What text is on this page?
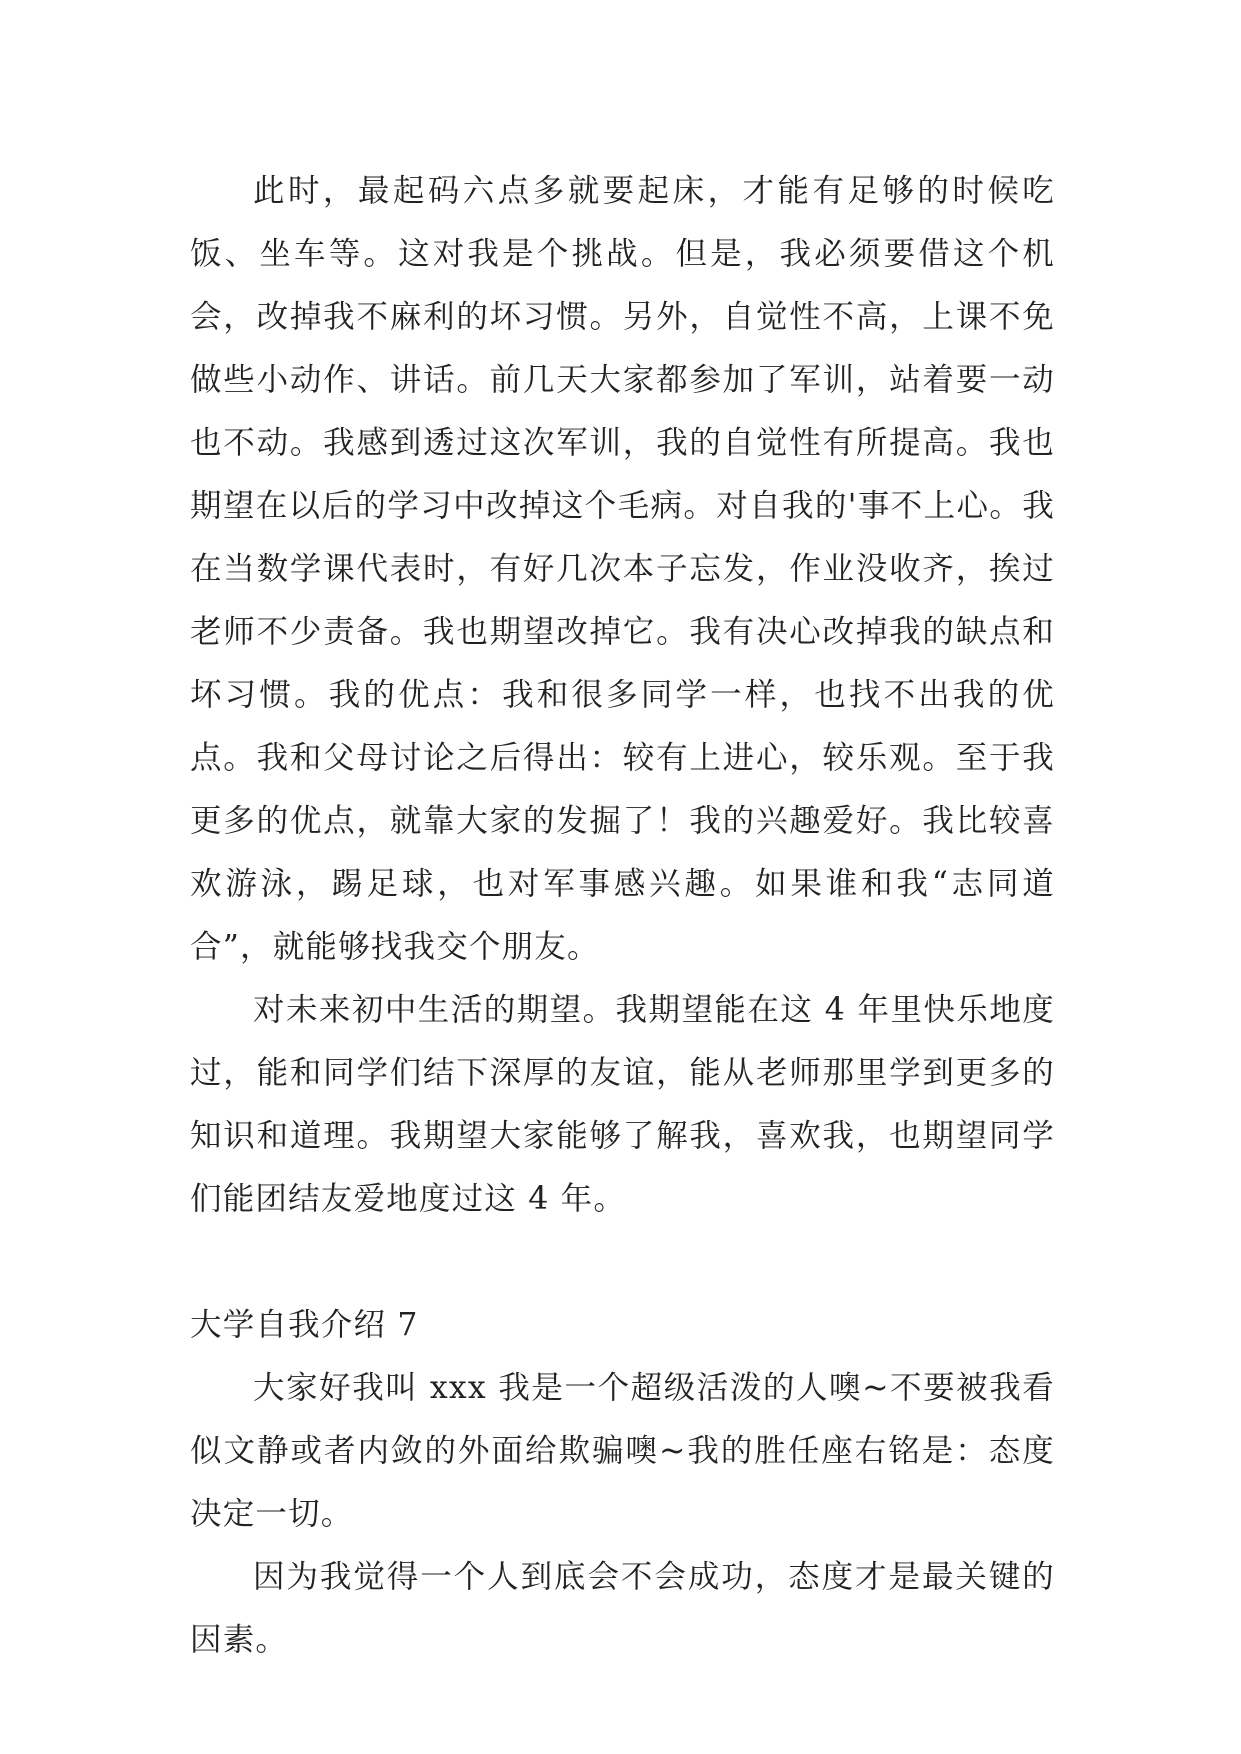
此时，最起码六点多就要起床，才能有足够的时候吃饭、坐车等。这对我是个挑战。但是，我必须要借这个机会，改掉我不麻利的坏习惯。另外，自觉性不高，上课不免做些小动作、讲话。前几天大家都参加了军训，站着要一动也不动。我感到透过这次军训，我的自觉性有所提高。我也期望在以后的学习中改掉这个毛病。对自我的'事不上心。我在当数学课代表时，有好几次本子忘发，作业没收齐，挨过老师不少责备。我也期望改掉它。我有决心改掉我的缺点和坏习惯。我的优点：我和很多同学一样，也找不出我的优点。我和父母讨论之后得出：较有上进心，较乐观。至于我更多的优点，就靠大家的发掘了！我的兴趣爱好。我比较喜欢游泳，踢足球，也对军事感兴趣。如果谁和我“志同道合”，就能够找我交个朋友。

对未来初中生活的期望。我期望能在这 4 年里快乐地度过，能和同学们结下深厚的友谊，能从老师那里学到更多的知识和道理。我期望大家能够了解我，喜欢我，也期望同学们能团结友爱地度过这 4 年。

大学自我介绍 7

大家好我叫 xxx 我是一个超级活泼的人噢~不要被我看似文静或者内敛的外面给欺骗噢~我的胜任座右铭是：态度决定一切。

因为我觉得一个人到底会不会成功，态度才是最关键的因素。
